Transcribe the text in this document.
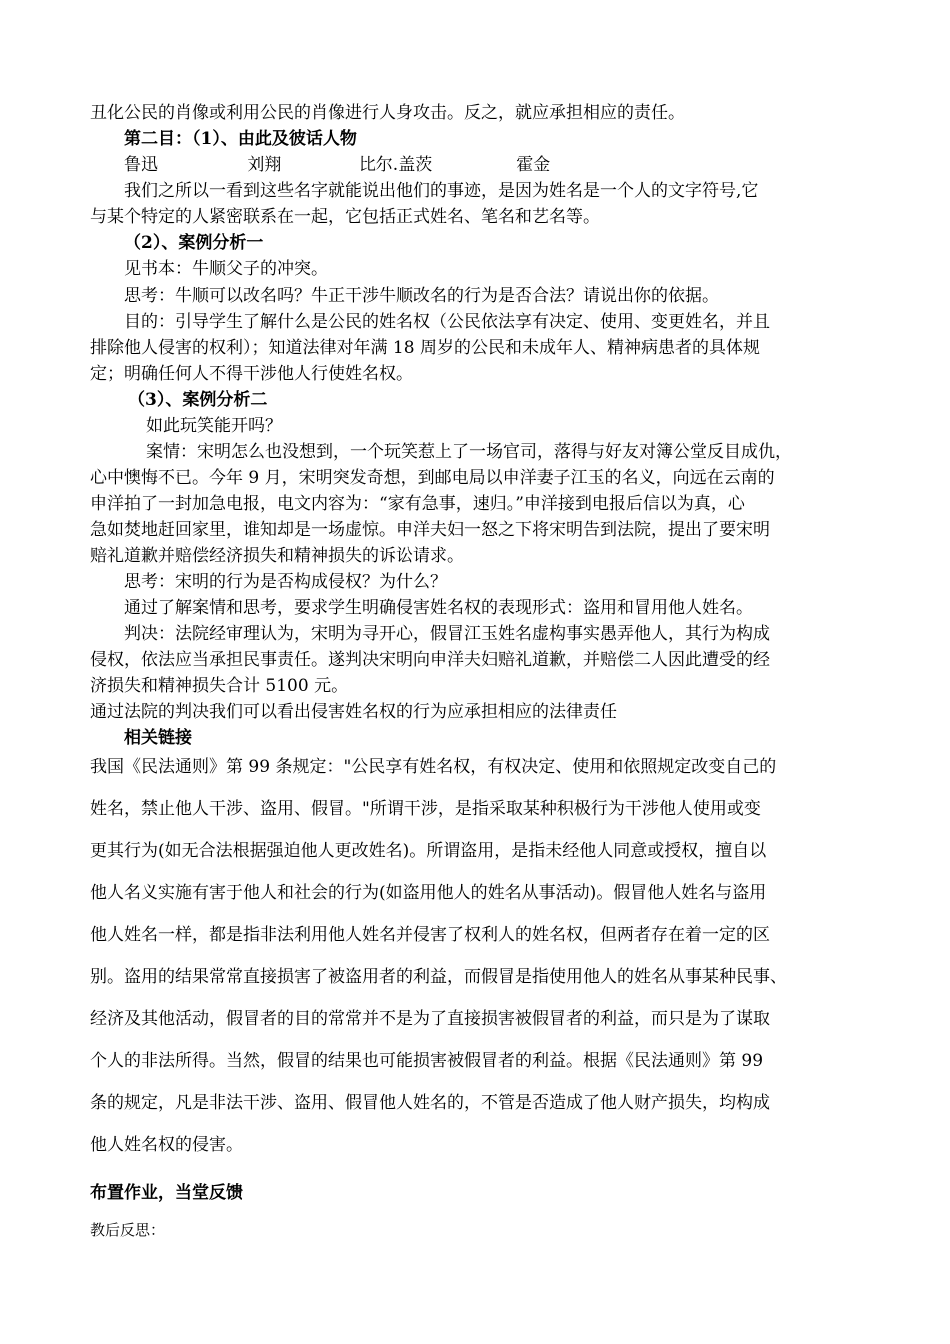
丑化公民的肖像或利用公民的肖像进行人身攻击。反之，就应承担相应的责任。
第二目：（1）、由此及彼话人物
鲁迅	刘翔	比尔.盖茨	霍金
我们之所以一看到这些名字就能说出他们的事迹，是因为姓名是一个人的文字符号,它
与某个特定的人紧密联系在一起，它包括正式姓名、笔名和艺名等。
（2）、案例分析一
见书本：牛顺父子的冲突。
思考：牛顺可以改名吗？牛正干涉牛顺改名的行为是否合法？请说出你的依据。
目的：引导学生了解什么是公民的姓名权（公民依法享有决定、使用、变更姓名，并且
排除他人侵害的权利）；知道法律对年满 18 周岁的公民和未成年人、精神病患者的具体规
定；明确任何人不得干涉他人行使姓名权。
（3）、案例分析二
如此玩笑能开吗？
案情：宋明怎么也没想到，一个玩笑惹上了一场官司，落得与好友对簿公堂反目成仇，
心中懊悔不已。今年 9 月，宋明突发奇想，到邮电局以申洋妻子江玉的名义，向远在云南的
申洋拍了一封加急电报，电文内容为：“家有急事，速归。”申洋接到电报后信以为真，心
急如焚地赶回家里，谁知却是一场虚惊。申洋夫妇一怒之下将宋明告到法院，提出了要宋明
赔礼道歉并赔偿经济损失和精神损失的诉讼请求。
思考：宋明的行为是否构成侵权？为什么？
通过了解案情和思考，要求学生明确侵害姓名权的表现形式：盗用和冒用他人姓名。
判决：法院经审理认为，宋明为寻开心，假冒江玉姓名虚构事实愚弄他人，其行为构成
侵权，依法应当承担民事责任。遂判决宋明向申洋夫妇赔礼道歉，并赔偿二人因此遭受的经
济损失和精神损失合计 5100 元。
通过法院的判决我们可以看出侵害姓名权的行为应承担相应的法律责任
相关链接
我国《民法通则》第 99 条规定："公民享有姓名权，有权决定、使用和依照规定改变自己的
姓名，禁止他人干涉、盗用、假冒。"所谓干涉，是指采取某种积极行为干涉他人使用或变
更其行为(如无合法根据强迫他人更改姓名)。所谓盗用，是指未经他人同意或授权，擅自以
他人名义实施有害于他人和社会的行为(如盗用他人的姓名从事活动)。假冒他人姓名与盗用
他人姓名一样，都是指非法利用他人姓名并侵害了权利人的姓名权，但两者存在着一定的区
别。盗用的结果常常直接损害了被盗用者的利益，而假冒是指使用他人的姓名从事某种民事、
经济及其他活动，假冒者的目的常常并不是为了直接损害被假冒者的利益，而只是为了谋取
个人的非法所得。当然，假冒的结果也可能损害被假冒者的利益。根据《民法通则》第 99
条的规定，凡是非法干涉、盗用、假冒他人姓名的，不管是否造成了他人财产损失，均构成
他人姓名权的侵害。
布置作业，当堂反馈
教后反思：
